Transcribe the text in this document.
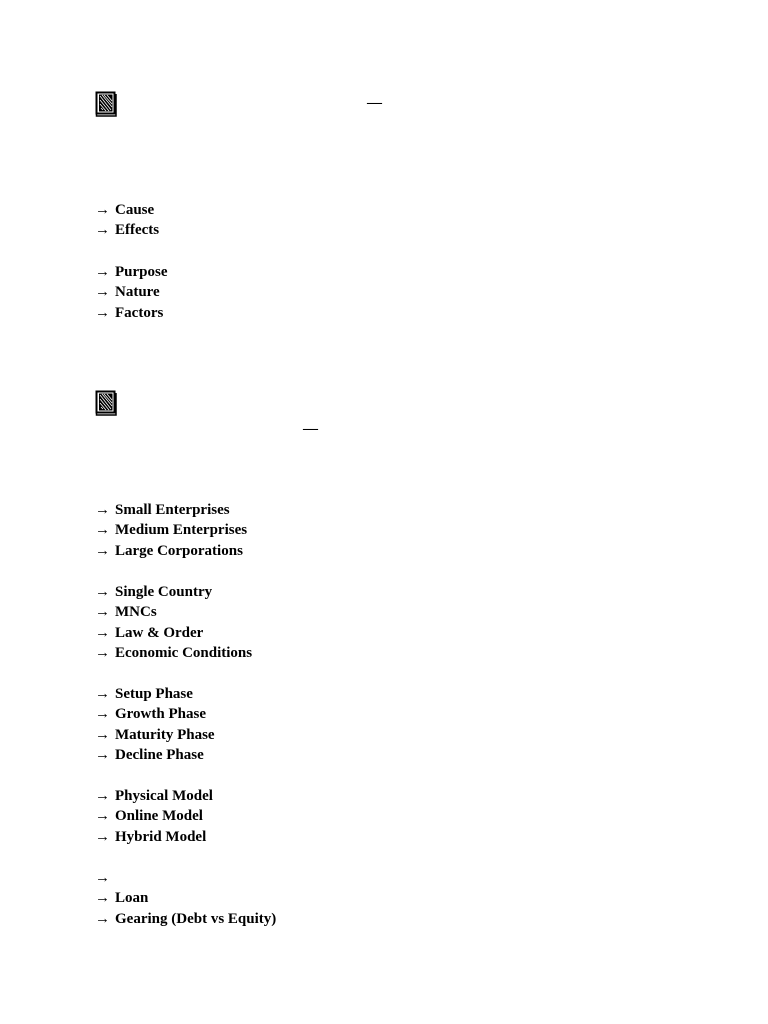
—
→ Cause
→ Effects
→ Purpose
→ Nature
→ Factors
—
→ Small Enterprises
→ Medium Enterprises
→ Large Corporations
→ Single Country
→ MNCs
→ Law & Order
→ Economic Conditions
→ Setup Phase
→ Growth Phase
→ Maturity Phase
→ Decline Phase
→ Physical Model
→ Online Model
→ Hybrid Model
→
→ Loan
→ Gearing (Debt vs Equity)
